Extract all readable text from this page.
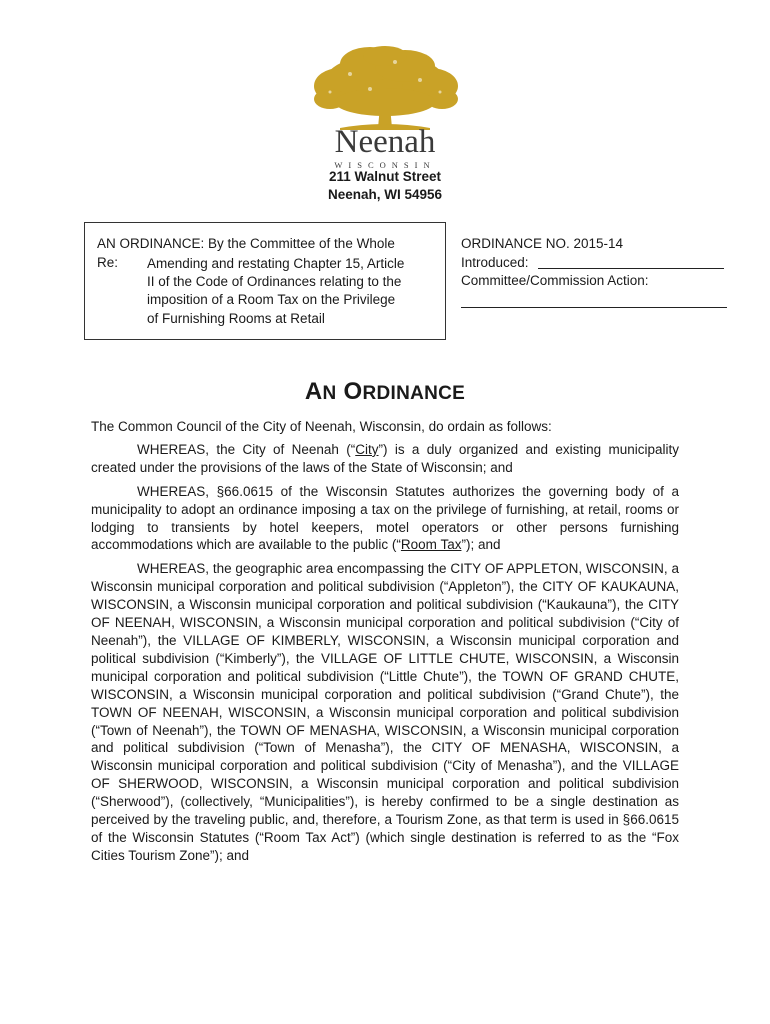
Neenah
WISCONSIN
211 Walnut Street
Neenah, WI 54956
AN ORDINANCE: By the Committee of the Whole
Re: Amending and restating Chapter 15, Article
II of the Code of Ordinances relating to the
imposition of a Room Tax on the Privilege
of Furnishing Rooms at Retail
ORDINANCE NO. 2015-14
Introduced:
Committee/Commission Action:
AN ORDINANCE

The Common Council of the City of Neenah, Wisconsin, do ordain as follows:

WHEREAS, the City of Neenah (“City”) is a duly organized and existing municipality created under the provisions of the laws of the State of Wisconsin; and

WHEREAS, §66.0615 of the Wisconsin Statutes authorizes the governing body of a municipality to adopt an ordinance imposing a tax on the privilege of furnishing, at retail, rooms or lodging to transients by hotel keepers, motel operators or other persons furnishing accommodations which are available to the public (“Room Tax”); and

WHEREAS, the geographic area encompassing the CITY OF APPLETON, WISCONSIN, a Wisconsin municipal corporation and political subdivision (“Appleton”), the CITY OF KAUKAUNA, WISCONSIN, a Wisconsin municipal corporation and political subdivision (“Kaukauna”), the CITY OF NEENAH, WISCONSIN, a Wisconsin municipal corporation and political subdivision (“City of Neenah”), the VILLAGE OF KIMBERLY, WISCONSIN, a Wisconsin municipal corporation and political subdivision (“Kimberly”), the VILLAGE OF LITTLE CHUTE, WISCONSIN, a Wisconsin municipal corporation and political subdivision (“Little Chute”), the TOWN OF GRAND CHUTE, WISCONSIN, a Wisconsin municipal corporation and political subdivision (“Grand Chute”), the TOWN OF NEENAH, WISCONSIN, a Wisconsin municipal corporation and political subdivision (“Town of Neenah”), the TOWN OF MENASHA, WISCONSIN, a Wisconsin municipal corporation and political subdivision (“Town of Menasha”), the CITY OF MENASHA, WISCONSIN, a Wisconsin municipal corporation and political subdivision (“City of Menasha”), and the VILLAGE OF SHERWOOD, WISCONSIN, a Wisconsin municipal corporation and political subdivision (“Sherwood”), (collectively, “Municipalities”), is hereby confirmed to be a single destination as perceived by the traveling public, and, therefore, a Tourism Zone, as that term is used in §66.0615 of the Wisconsin Statutes (“Room Tax Act”) (which single destination is referred to as the “Fox Cities Tourism Zone”); and
